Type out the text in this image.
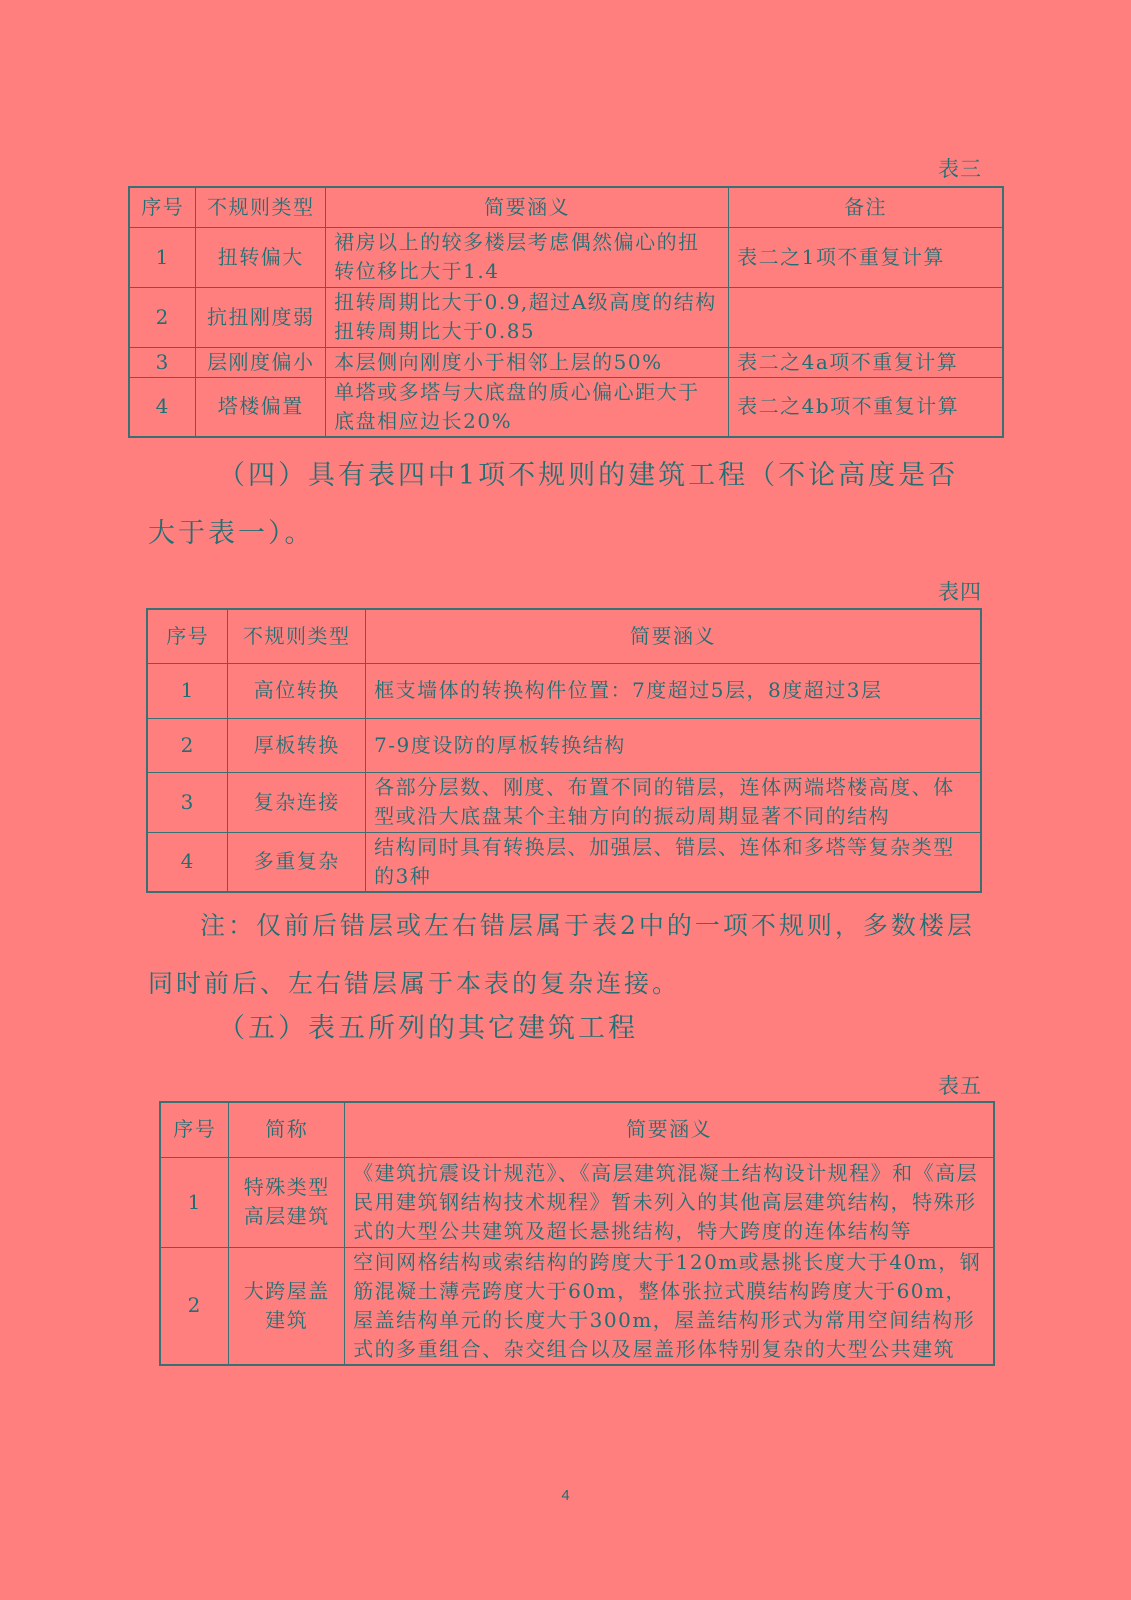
表三
序号	不规则类型	简要涵义	备注
1	扭转偏大	裙房以上的较多楼层考虑偶然偏心的扭转位移比大于1.4	表二之1项不重复计算
2	抗扭刚度弱	扭转周期比大于0.9,超过A级高度的结构扭转周期比大于0.85	
3	层刚度偏小	本层侧向刚度小于相邻上层的50%	表二之4a项不重复计算
4	塔楼偏置	单塔或多塔与大底盘的质心偏心距大于底盘相应边长20%	表二之4b项不重复计算
（四）具有表四中1项不规则的建筑工程（不论高度是否大于表一）。
表四
序号	不规则类型	简要涵义
1	高位转换	框支墙体的转换构件位置：7度超过5层，8度超过3层
2	厚板转换	7-9度设防的厚板转换结构
3	复杂连接	各部分层数、刚度、布置不同的错层，连体两端塔楼高度、体型或沿大底盘某个主轴方向的振动周期显著不同的结构
4	多重复杂	结构同时具有转换层、加强层、错层、连体和多塔等复杂类型的3种
注：仅前后错层或左右错层属于表2中的一项不规则，多数楼层同时前后、左右错层属于本表的复杂连接。
（五）表五所列的其它建筑工程
表五
序号	简称	简要涵义
1	特殊类型高层建筑	《建筑抗震设计规范》、《高层建筑混凝土结构设计规程》和《高层民用建筑钢结构技术规程》暂未列入的其他高层建筑结构，特殊形式的大型公共建筑及超长悬挑结构，特大跨度的连体结构等
2	大跨屋盖建筑	空间网格结构或索结构的跨度大于120m或悬挑长度大于40m，钢筋混凝土薄壳跨度大于60m，整体张拉式膜结构跨度大于60m，屋盖结构单元的长度大于300m，屋盖结构形式为常用空间结构形式的多重组合、杂交组合以及屋盖形体特别复杂的大型公共建筑
4
